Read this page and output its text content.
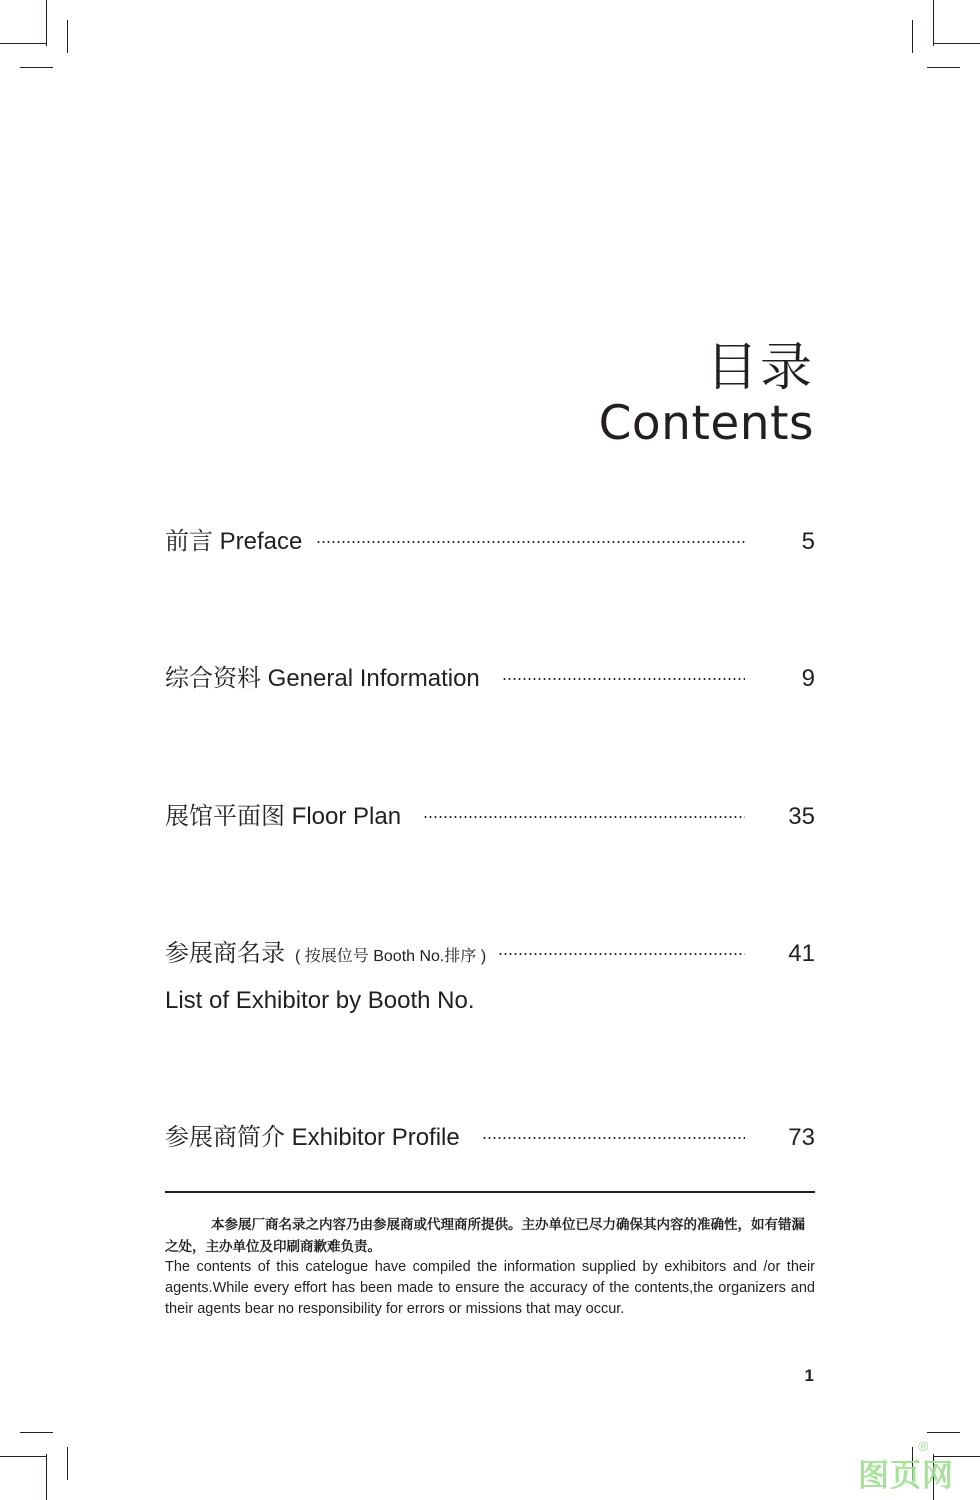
目录
Contents
前言 Preface	5
综合资料 General Information	9
展馆平面图 Floor Plan	35
参展商名录 ( 按展位号 Booth No.排序 )	41
List of Exhibitor by Booth No.
参展商简介 Exhibitor Profile	73
本参展厂商名录之内容乃由参展商或代理商所提供。主办单位已尽力确保其内容的准确性，如有错漏之处，主办单位及印刷商歉难负责。
The contents of this catelogue have compiled the information supplied by exhibitors and /or their agents.While every effort has been made to ensure the accuracy of the contents,the organizers and their agents bear no responsibility for errors or missions that may occur.
1
图页网
®
